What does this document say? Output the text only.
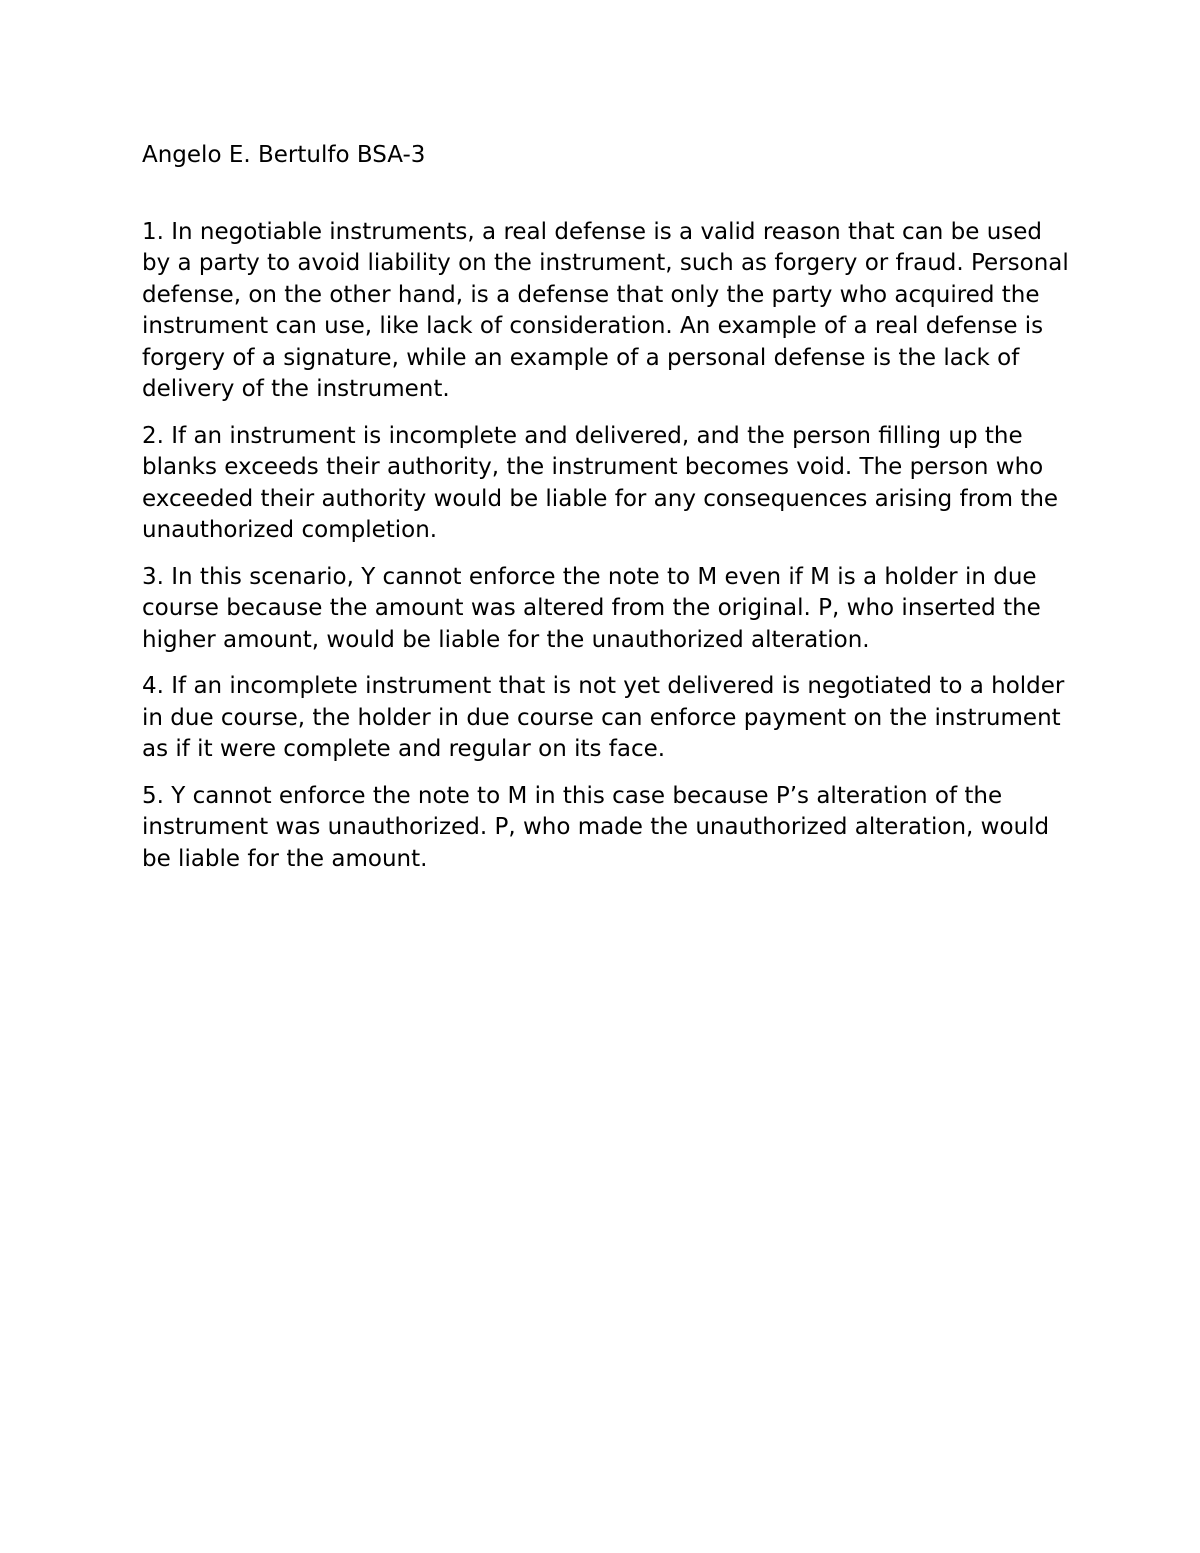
Angelo E. Bertulfo BSA-3

1. In negotiable instruments, a real defense is a valid reason that can be used by a party to avoid liability on the instrument, such as forgery or fraud. Personal defense, on the other hand, is a defense that only the party who acquired the instrument can use, like lack of consideration. An example of a real defense is forgery of a signature, while an example of a personal defense is the lack of delivery of the instrument.

2. If an instrument is incomplete and delivered, and the person filling up the blanks exceeds their authority, the instrument becomes void. The person who exceeded their authority would be liable for any consequences arising from the unauthorized completion.

3. In this scenario, Y cannot enforce the note to M even if M is a holder in due course because the amount was altered from the original. P, who inserted the higher amount, would be liable for the unauthorized alteration.

4. If an incomplete instrument that is not yet delivered is negotiated to a holder in due course, the holder in due course can enforce payment on the instrument as if it were complete and regular on its face.

5. Y cannot enforce the note to M in this case because P’s alteration of the instrument was unauthorized. P, who made the unauthorized alteration, would be liable for the amount.
